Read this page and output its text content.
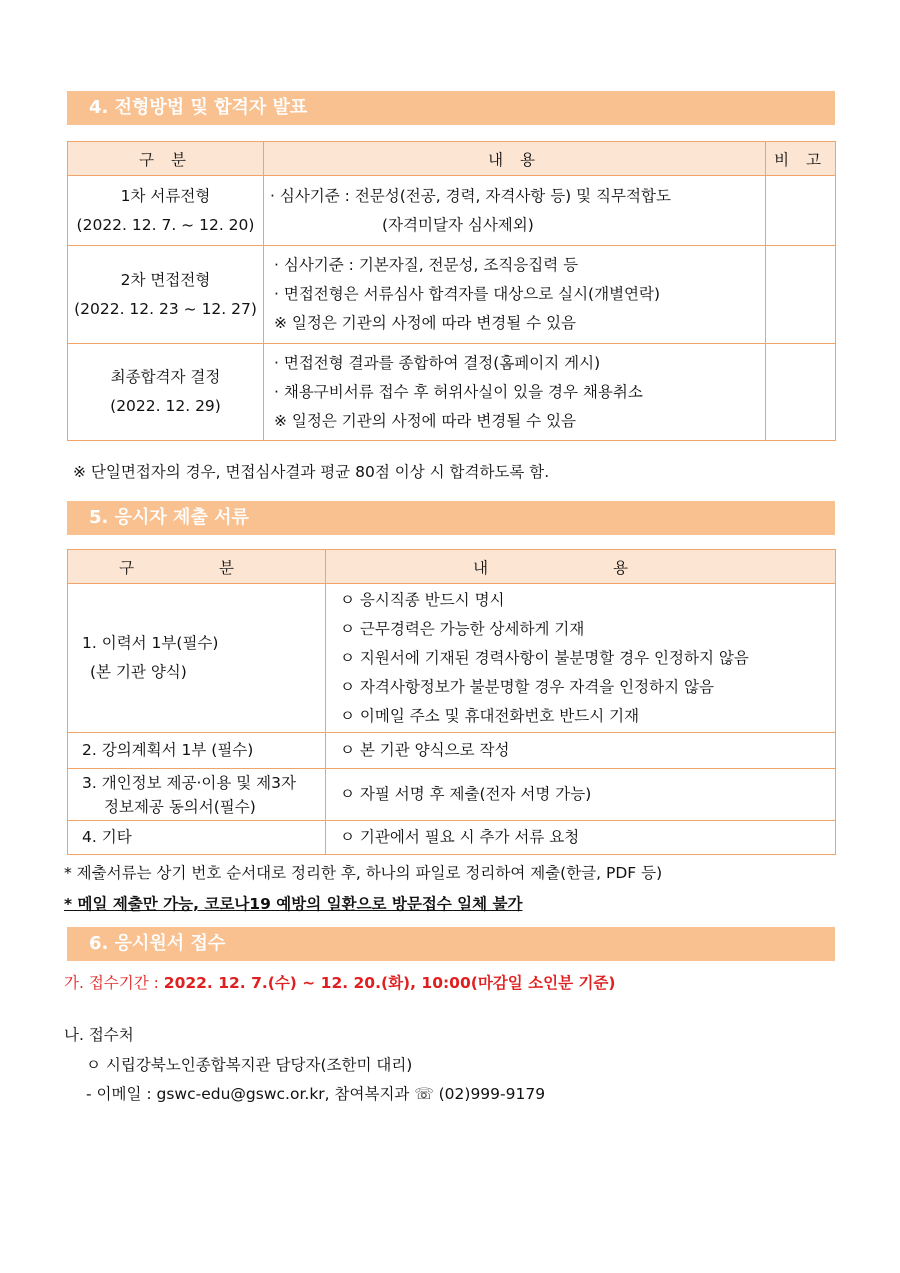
4. 전형방법 및 합격자 발표
구 분	내 용	비 고

1차 서류전형
(2022. 12. 7. ~ 12. 20)	· 심사기준 : 전문성(전공, 경력, 자격사항 등) 및 직무적합도
(자격미달자 심사제외)	

2차 면접전형
(2022. 12. 23 ~ 12. 27)	· 심사기준 : 기본자질, 전문성, 조직응집력 등
· 면접전형은 서류심사 합격자를 대상으로 실시(개별연락)
※ 일정은 기관의 사정에 따라 변경될 수 있음	

최종합격자 결정
(2022. 12. 29)	· 면접전형 결과를 종합하여 결정(홈페이지 게시)
· 채용구비서류 접수 후 허위사실이 있을 경우 채용취소
※ 일정은 기관의 사정에 따라 변경될 수 있음	

※ 단일면접자의 경우, 면접심사결과 평균 80점 이상 시 합격하도록 함.
5. 응시자 제출 서류
구 분	내 용

1. 이력서 1부(필수)
(본 기관 양식)	ㅇ 응시직종 반드시 명시
ㅇ 근무경력은 가능한 상세하게 기재
ㅇ 지원서에 기재된 경력사항이 불분명할 경우 인정하지 않음
ㅇ 자격사항정보가 불분명할 경우 자격을 인정하지 않음
ㅇ 이메일 주소 및 휴대전화번호 반드시 기재

2. 강의계획서 1부 (필수)	ㅇ 본 기관 양식으로 작성

3. 개인정보 제공·이용 및 제3자
정보제공 동의서(필수)	ㅇ 자필 서명 후 제출(전자 서명 가능)

4. 기타	ㅇ 기관에서 필요 시 추가 서류 요청
* 제출서류는 상기 번호 순서대로 정리한 후, 하나의 파일로 정리하여 제출(한글, PDF 등)
* 메일 제출만 가능, 코로나19 예방의 일환으로 방문접수 일체 불가
6. 응시원서 접수
가. 접수기간 : 2022. 12. 7.(수) ~ 12. 20.(화), 10:00(마감일 소인분 기준)
나. 접수처
ㅇ 시립강북노인종합복지관 담당자(조한미 대리)
- 이메일 : gswc-edu@gswc.or.kr, 참여복지과 ☏ (02)999-9179
